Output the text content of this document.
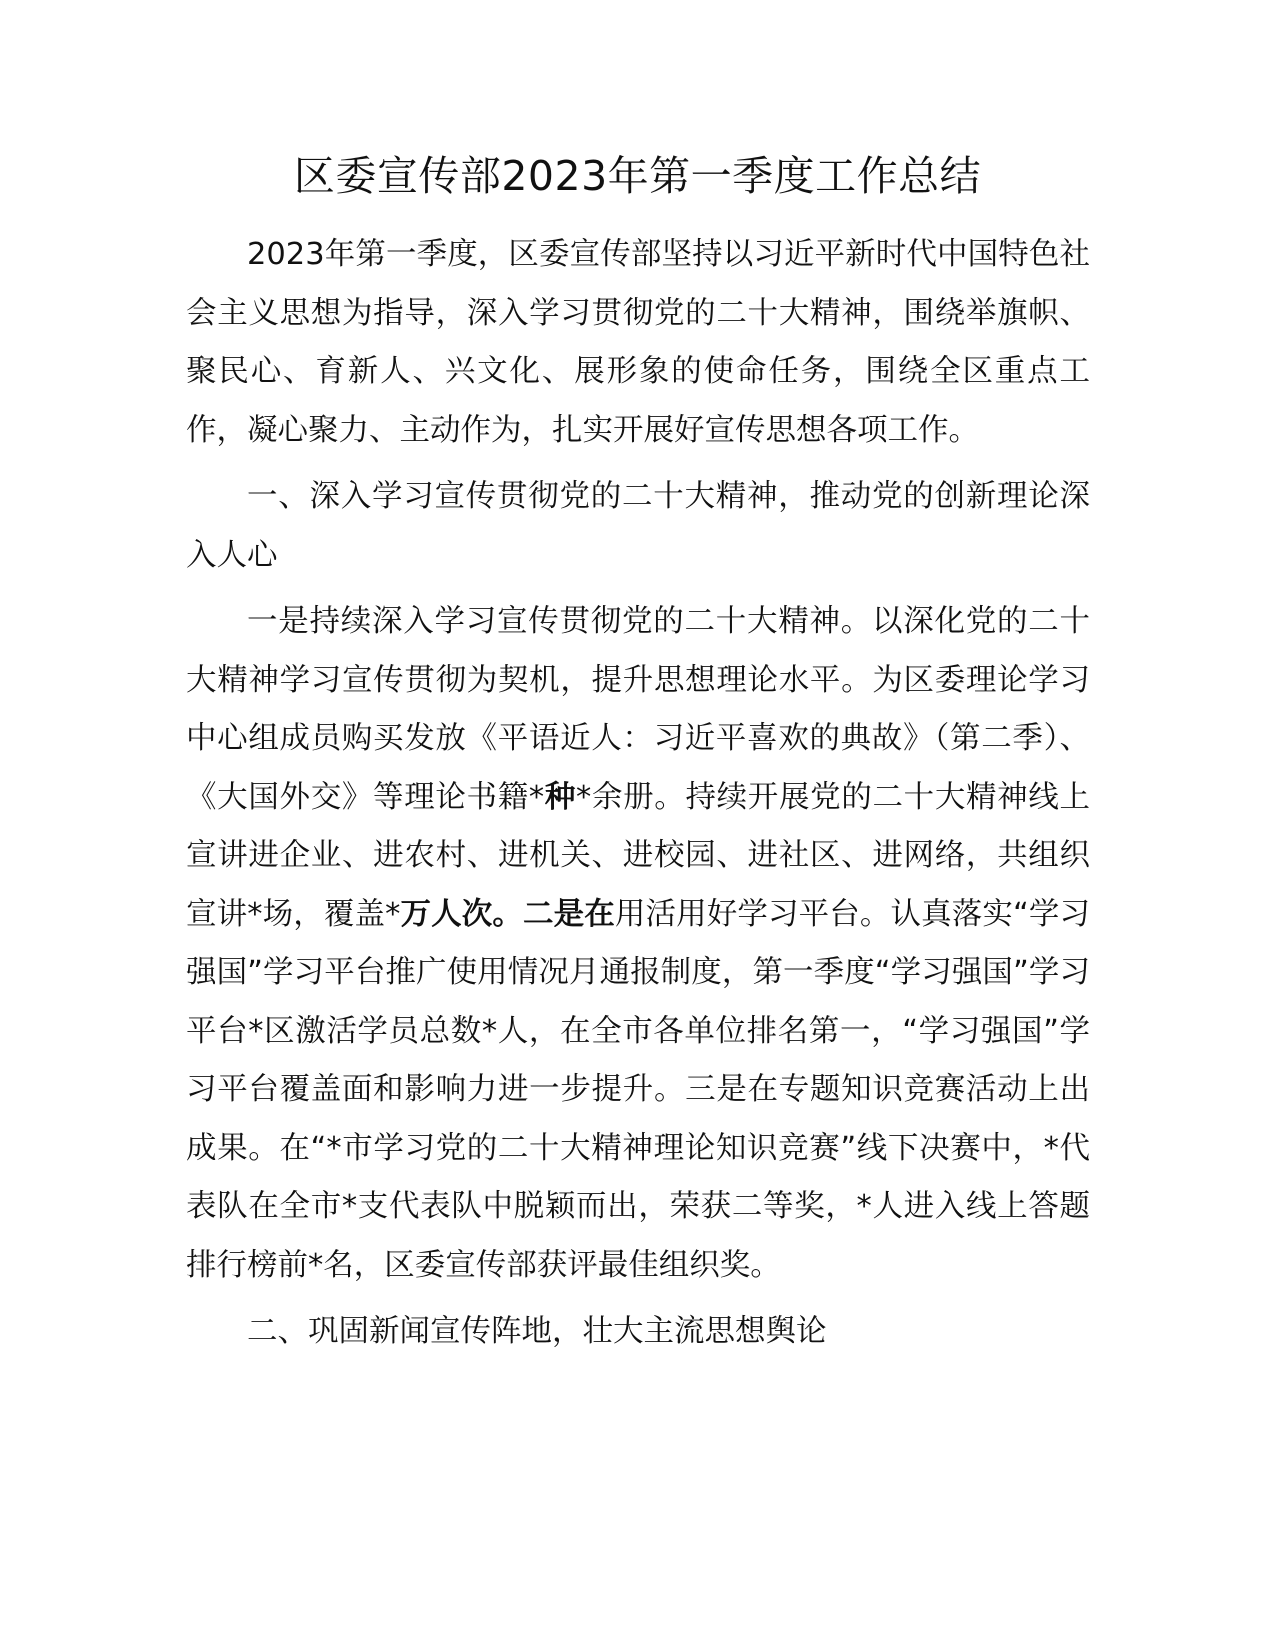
区委宣传部2023年第一季度工作总结

2023年第一季度，区委宣传部坚持以习近平新时代中国特色社会主义思想为指导，深入学习贯彻党的二十大精神，围绕举旗帜、聚民心、育新人、兴文化、展形象的使命任务，围绕全区重点工作，凝心聚力、主动作为，扎实开展好宣传思想各项工作。

一、深入学习宣传贯彻党的二十大精神，推动党的创新理论深入人心

一是持续深入学习宣传贯彻党的二十大精神。以深化党的二十大精神学习宣传贯彻为契机，提升思想理论水平。为区委理论学习中心组成员购买发放《平语近人：习近平喜欢的典故》（第二季）、《大国外交》等理论书籍*种*余册。持续开展党的二十大精神线上宣讲进企业、进农村、进机关、进校园、进社区、进网络，共组织宣讲*场，覆盖*万人次。二是在用活用好学习平台。认真落实“学习强国”学习平台推广使用情况月通报制度，第一季度“学习强国”学习平台*区激活学员总数*人，在全市各单位排名第一，“学习强国”学习平台覆盖面和影响力进一步提升。三是在专题知识竞赛活动上出成果。在“*市学习党的二十大精神理论知识竞赛”线下决赛中，*代表队在全市*支代表队中脱颖而出，荣获二等奖，*人进入线上答题排行榜前*名，区委宣传部获评最佳组织奖。

二、巩固新闻宣传阵地，壮大主流思想舆论
